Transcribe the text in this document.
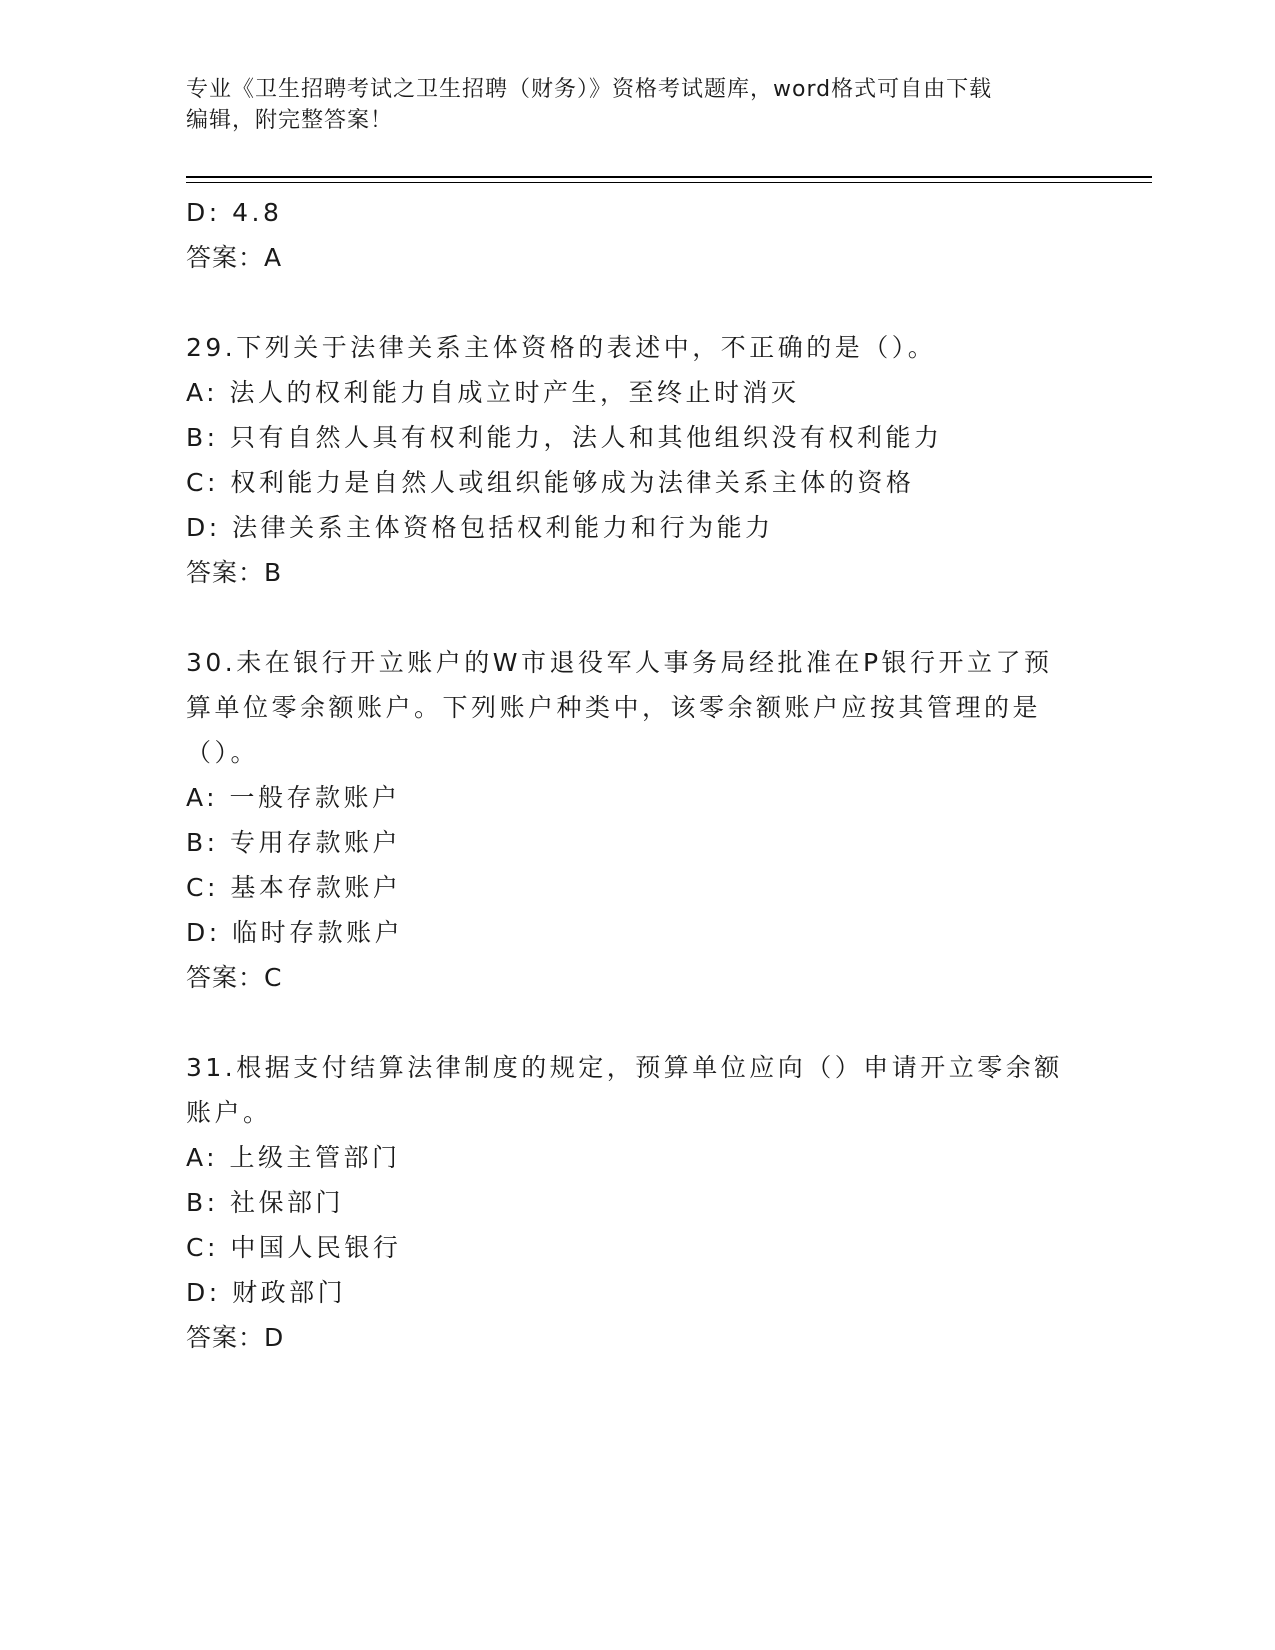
专业《卫生招聘考试之卫生招聘（财务）》资格考试题库，word格式可自由下载
编辑，附完整答案！
D: 4.8
答案：A
29.下列关于法律关系主体资格的表述中，不正确的是（）。
A: 法人的权利能力自成立时产生，至终止时消灭
B: 只有自然人具有权利能力，法人和其他组织没有权利能力
C: 权利能力是自然人或组织能够成为法律关系主体的资格
D: 法律关系主体资格包括权利能力和行为能力
答案：B
30.未在银行开立账户的W市退役军人事务局经批准在P银行开立了预
算单位零余额账户。下列账户种类中，该零余额账户应按其管理的是
（）。
A: 一般存款账户
B: 专用存款账户
C: 基本存款账户
D: 临时存款账户
答案：C
31.根据支付结算法律制度的规定，预算单位应向（）申请开立零余额
账户。
A: 上级主管部门
B: 社保部门
C: 中国人民银行
D: 财政部门
答案：D
